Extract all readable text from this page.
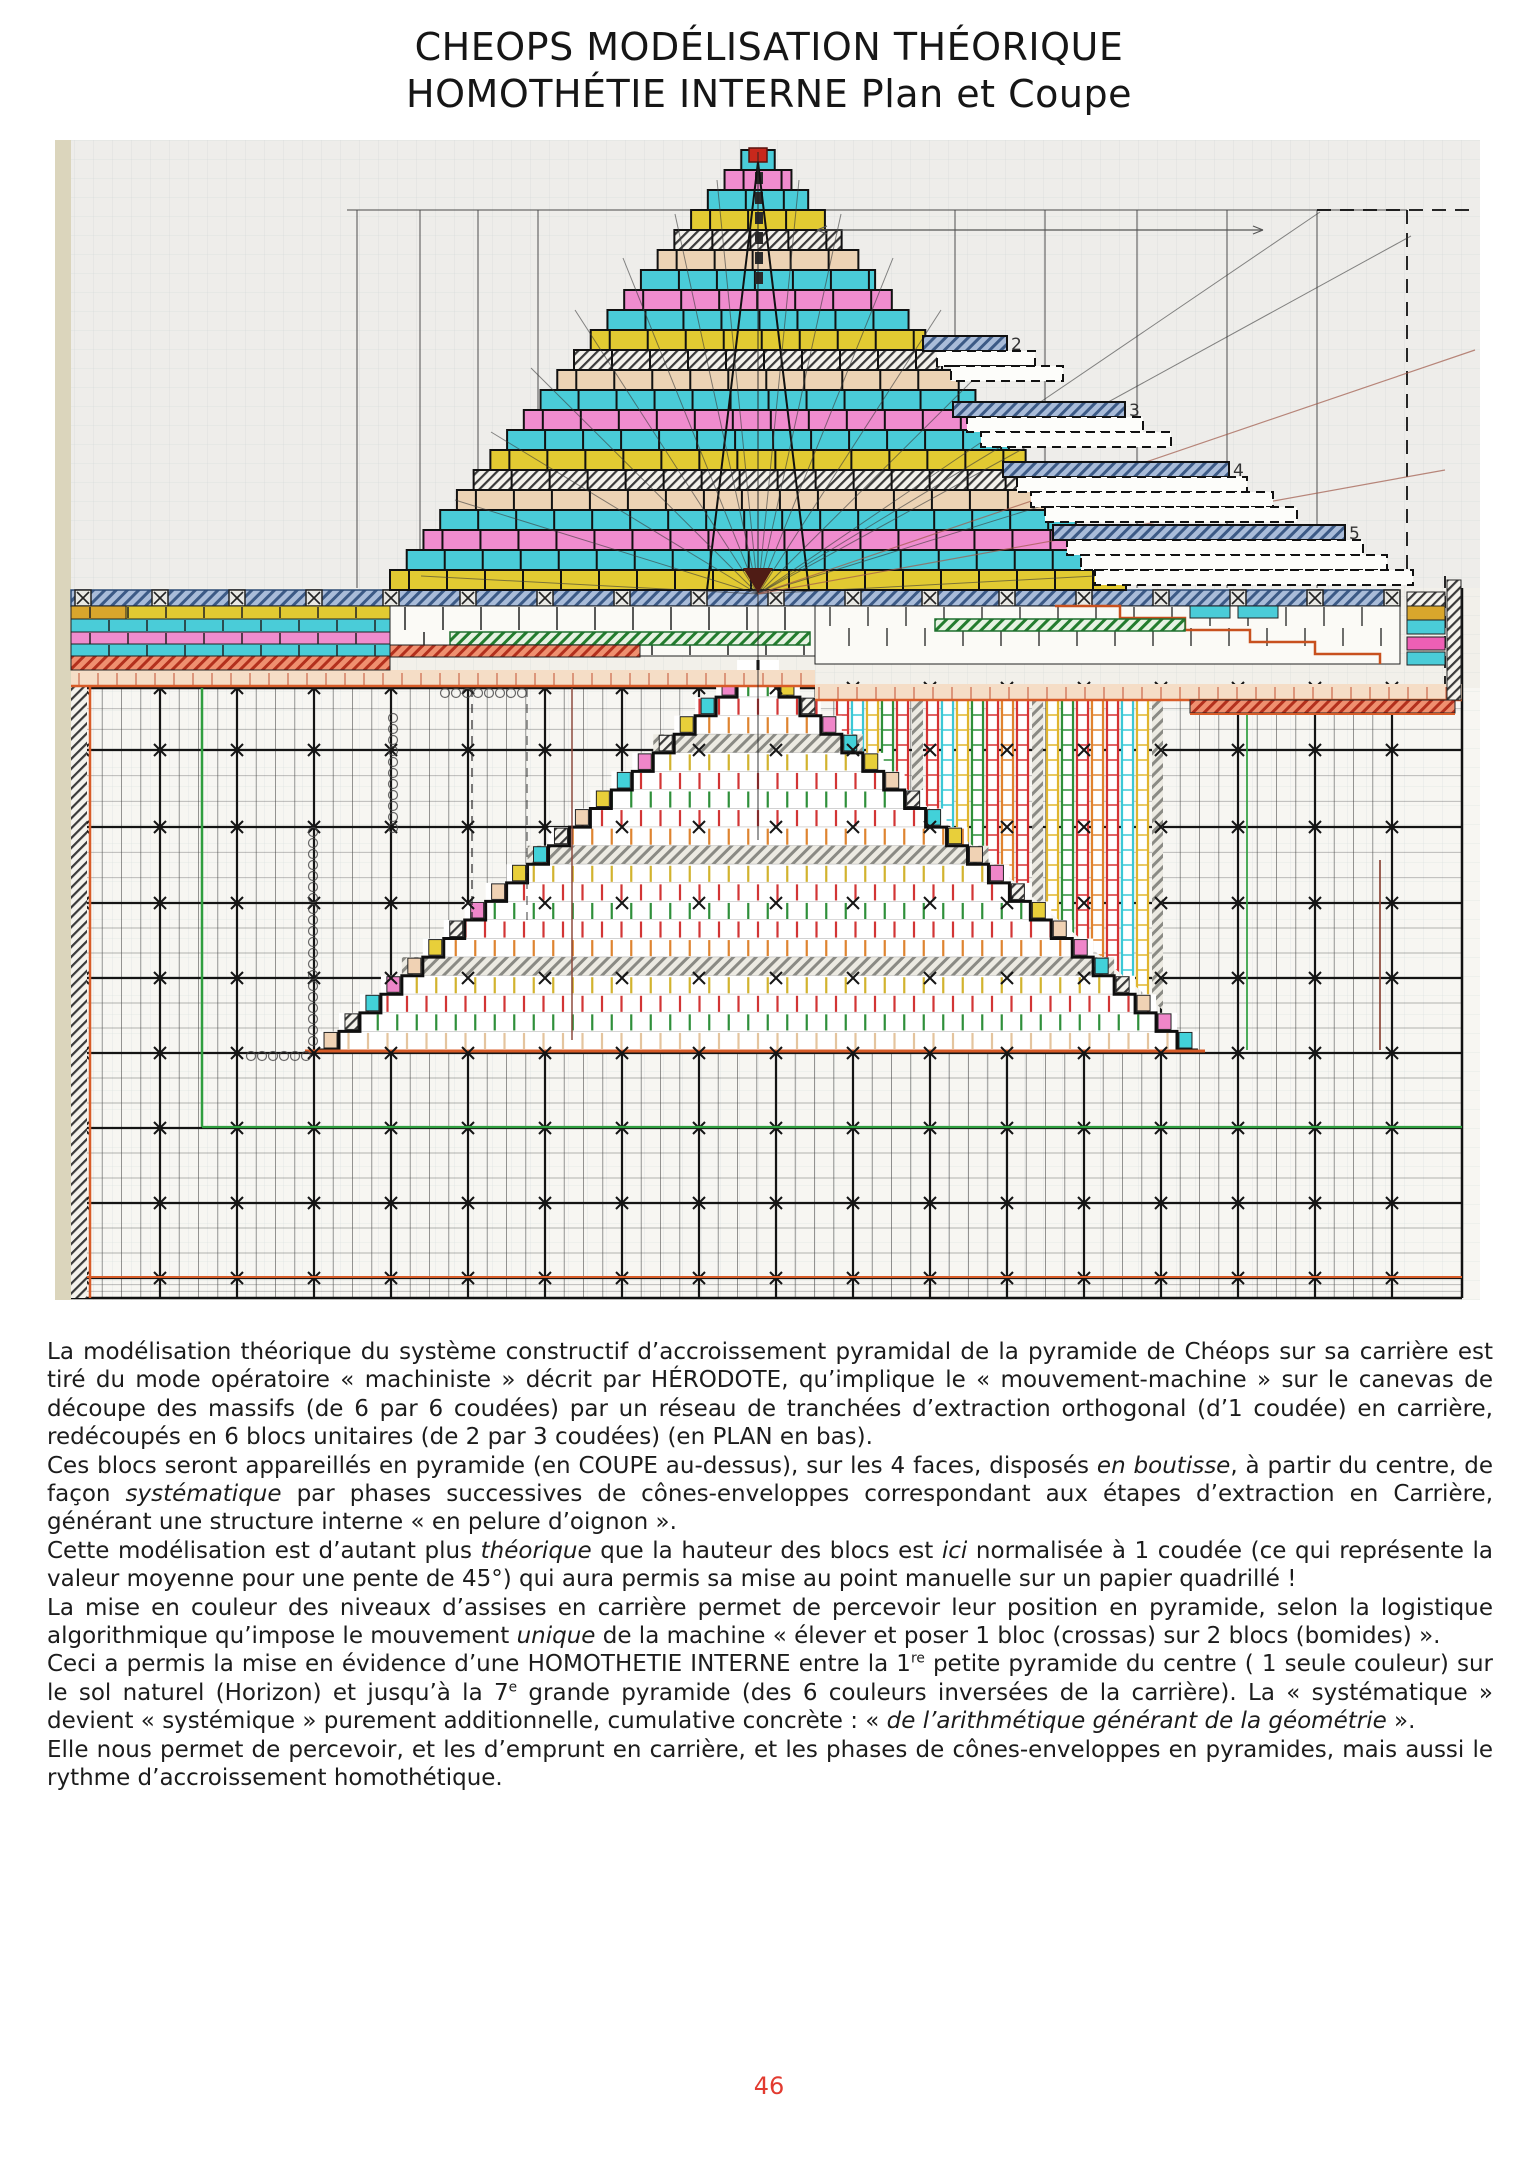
CHEOPS MODÉLISATION THÉORIQUE
HOMOTHÉTIE INTERNE Plan et Coupe
2
3
4
5

La modélisation théorique du système constructif d’accroissement pyramidal de la pyramide de Chéops sur sa carrière est tiré du mode opératoire « machiniste » décrit par HÉRODOTE, qu’implique le « mouvement-machine » sur le canevas de découpe des massifs (de 6 par 6 coudées) par un réseau de tranchées d’extraction orthogonal (d’1 coudée) en carrière, redécoupés en 6 blocs unitaires (de 2 par 3 coudées) (en PLAN en bas).

Ces blocs seront appareillés en pyramide (en COUPE au-dessus), sur les 4 faces, disposés en boutisse, à partir du centre, de façon systématique par phases successives de cônes-enveloppes correspondant aux étapes d’extraction en Carrière, générant une structure interne « en pelure d’oignon ».

Cette modélisation est d’autant plus théorique que la hauteur des blocs est ici normalisée à 1 coudée (ce qui représente la valeur moyenne pour une pente de 45°) qui aura permis sa mise au point manuelle sur un papier quadrillé !

La mise en couleur des niveaux d’assises en carrière permet de percevoir leur position en pyramide, selon la logistique algorithmique qu’impose le mouvement unique de la machine « élever et poser 1 bloc (crossas) sur 2 blocs (bomides) ».

Ceci a permis la mise en évidence d’une HOMOTHETIE INTERNE entre la 1re petite pyramide du centre ( 1 seule couleur) sur le sol naturel (Horizon) et jusqu’à la 7e grande pyramide (des 6 couleurs inversées de la carrière). La « systématique » devient « systémique » purement additionnelle, cumulative concrète : « de l’arithmétique générant de la géométrie ».

Elle nous permet de percevoir, et les d’emprunt en carrière, et les phases de cônes-enveloppes en pyramides, mais aussi le rythme d’accroissement homothétique.

46
